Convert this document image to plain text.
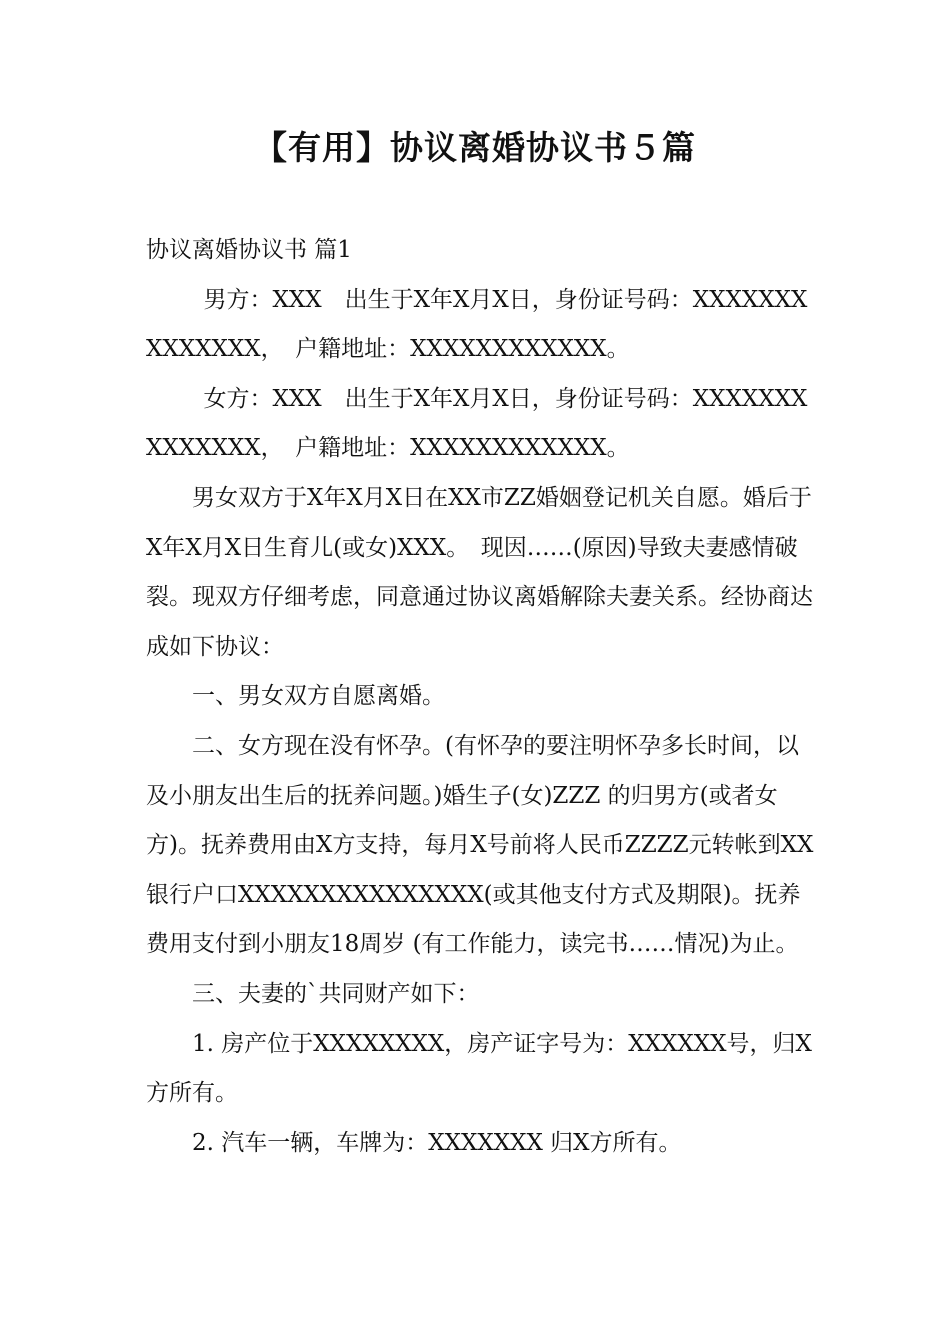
【有用】协议离婚协议书５篇

协议离婚协议书 篇1

男方：XXX　出生于X年X月X日，身份证号码：XXXXXXXXXXXXXX，　户籍地址：XXXXXXXXXXXX。

女方：XXX　出生于X年X月X日，身份证号码：XXXXXXXXXXXXXX，　户籍地址：XXXXXXXXXXXX。

男女双方于X年X月X日在XX市ZZ婚姻登记机关自愿。婚后于X年X月X日生育儿(或女)XXX。　现因……(原因)导致夫妻感情破裂。现双方仔细考虑，同意通过协议离婚解除夫妻关系。经协商达成如下协议：

一、男女双方自愿离婚。

二、女方现在没有怀孕。(有怀孕的要注明怀孕多长时间，以及小朋友出生后的抚养问题。)婚生子(女)ZZZ 的归男方(或者女方)。抚养费用由X方支持，每月X号前将人民币ZZZZ元转帐到XX银行户口XXXXXXXXXXXXXXX(或其他支付方式及期限)。抚养费用支付到小朋友18周岁 (有工作能力，读完书……情况)为止。

三、夫妻的`共同财产如下：

1. 房产位于XXXXXXXX，房产证字号为：XXXXXX号，归X方所有。

2. 汽车一辆，车牌为：XXXXXXX 归X方所有。
